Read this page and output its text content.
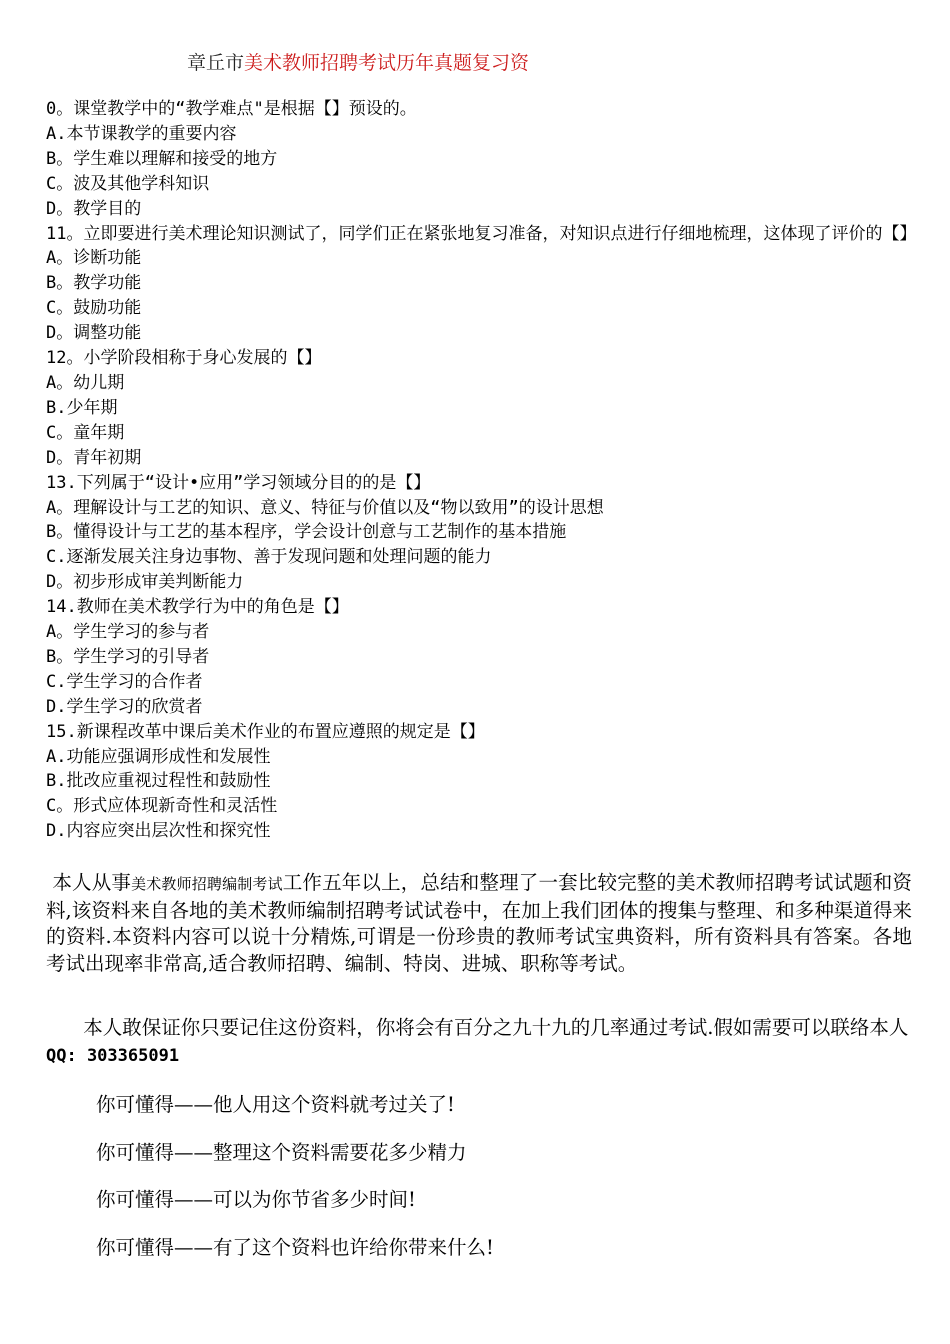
章丘市美术教师招聘考试历年真题复习资
0。课堂教学中的“教学难点"是根据【】预设的。
A.本节课教学的重要内容
B。学生难以理解和接受的地方
C。波及其他学科知识
D。教学目的
11。立即要进行美术理论知识测试了，同学们正在紧张地复习准备，对知识点进行仔细地梳理，这体现了评价的【】
A。诊断功能
B。教学功能
C。鼓励功能
D。调整功能
12。小学阶段相称于身心发展的【】
A。幼儿期
B.少年期
C。童年期
D。青年初期
13.下列属于“设计•应用”学习领域分目的的是【】
A。理解设计与工艺的知识、意义、特征与价值以及“物以致用”的设计思想
B。懂得设计与工艺的基本程序，学会设计创意与工艺制作的基本措施
C.逐渐发展关注身边事物、善于发现问题和处理问题的能力
D。初步形成审美判断能力
14.教师在美术教学行为中的角色是【】
A。学生学习的参与者
B。学生学习的引导者
C.学生学习的合作者
D.学生学习的欣赏者
15.新课程改革中课后美术作业的布置应遵照的规定是【】
A.功能应强调形成性和发展性
B.批改应重视过程性和鼓励性
C。形式应体现新奇性和灵活性
D.内容应突出层次性和探究性
本人从事美术教师招聘编制考试工作五年以上，总结和整理了一套比较完整的美术教师招聘考试试题和资料,该资料来自各地的美术教师编制招聘考试试卷中，在加上我们团体的搜集与整理、和多种渠道得来的资料.本资料内容可以说十分精炼,可谓是一份珍贵的教师考试宝典资料，所有资料具有答案。各地考试出现率非常高,适合教师招聘、编制、特岗、进城、职称等考试。
本人敢保证你只要记住这份资料，你将会有百分之九十九的几率通过考试.假如需要可以联络本人QQ: 303365091
你可懂得——他人用这个资料就考过关了!
你可懂得——整理这个资料需要花多少精力
你可懂得——可以为你节省多少时间!
你可懂得——有了这个资料也许给你带来什么!
